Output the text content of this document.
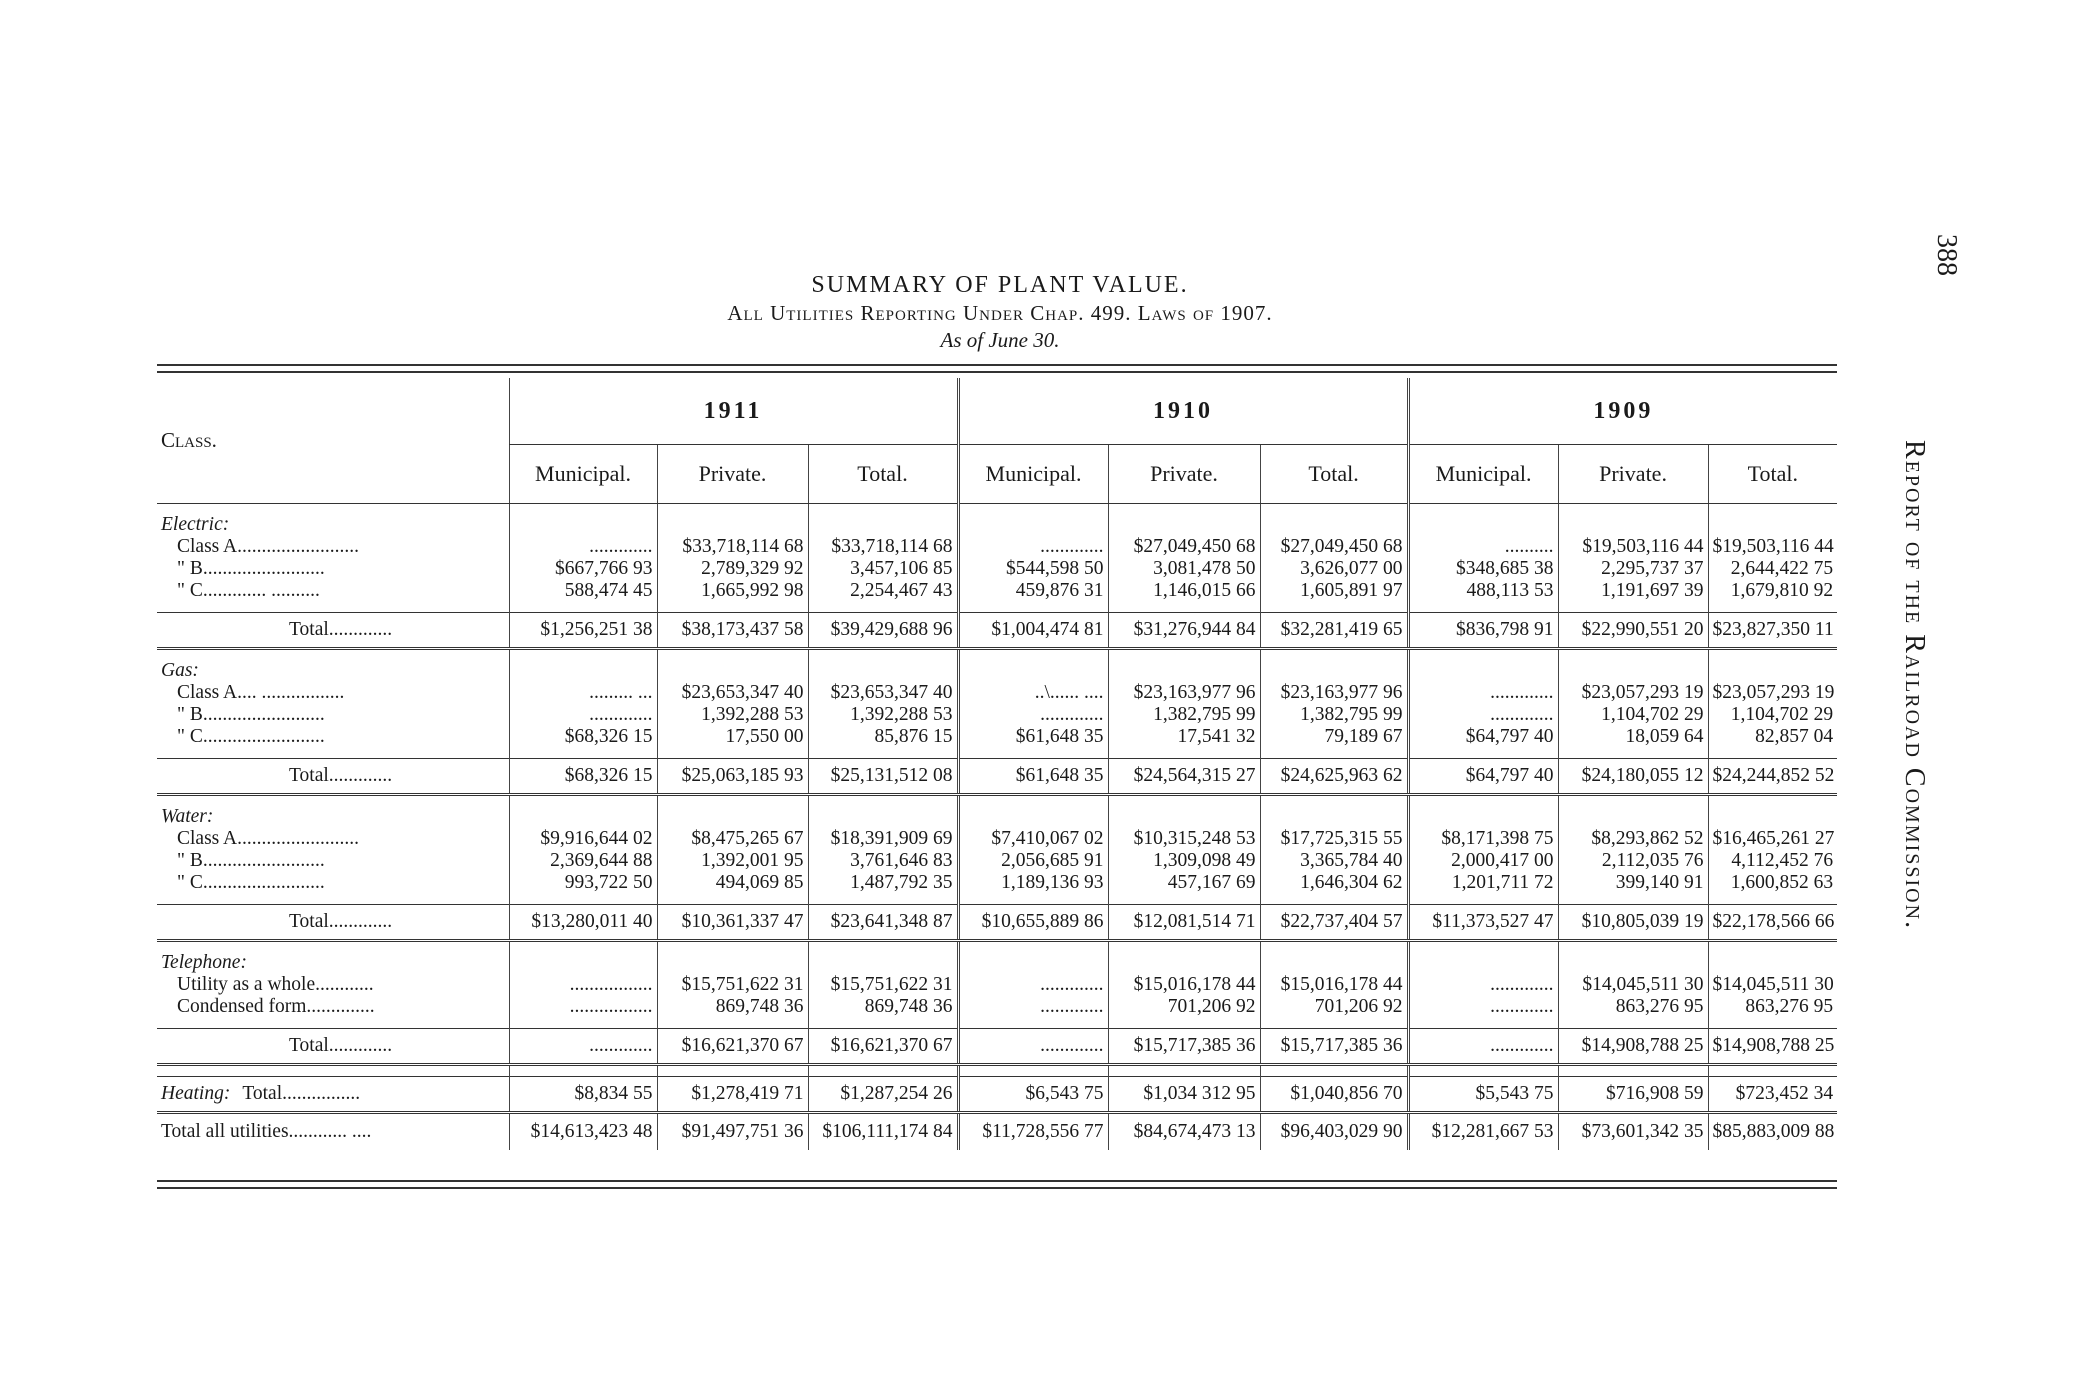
388
Report of the Railroad Commission.
SUMMARY OF PLANT VALUE.
All Utilities Reporting Under Chap. 499. Laws of 1907.
As of June 30.
Class.	1911			1910			1909		
	Municipal.	Private.	Total.	Municipal.	Private.	Total.	Municipal.	Private.	Total.

Electric:									
Class A.........................	.............	$33,718,114 68	$33,718,114 68	.............	$27,049,450 68	$27,049,450 68	..........	$19,503,116 44	$19,503,116 44
" B.........................	$667,766 93	2,789,329 92	3,457,106 85	$544,598 50	3,081,478 50	3,626,077 00	$348,685 38	2,295,737 37	2,644,422 75
" C............. ..........	588,474 45	1,665,992 98	2,254,467 43	459,876 31	1,146,015 66	1,605,891 97	488,113 53	1,191,697 39	1,679,810 92

Total.............	$1,256,251 38	$38,173,437 58	$39,429,688 96	$1,004,474 81	$31,276,944 84	$32,281,419 65	$836,798 91	$22,990,551 20	$23,827,350 11

Gas:									
Class A.... .................	......... ...	$23,653,347 40	$23,653,347 40	..\...... ....	$23,163,977 96	$23,163,977 96	.............	$23,057,293 19	$23,057,293 19
" B.........................	.............	1,392,288 53	1,392,288 53	.............	1,382,795 99	1,382,795 99	.............	1,104,702 29	1,104,702 29
" C.........................	$68,326 15	17,550 00	85,876 15	$61,648 35	17,541 32	79,189 67	$64,797 40	18,059 64	82,857 04

Total.............	$68,326 15	$25,063,185 93	$25,131,512 08	$61,648 35	$24,564,315 27	$24,625,963 62	$64,797 40	$24,180,055 12	$24,244,852 52

Water:									
Class A.........................	$9,916,644 02	$8,475,265 67	$18,391,909 69	$7,410,067 02	$10,315,248 53	$17,725,315 55	$8,171,398 75	$8,293,862 52	$16,465,261 27
" B.........................	2,369,644 88	1,392,001 95	3,761,646 83	2,056,685 91	1,309,098 49	3,365,784 40	2,000,417 00	2,112,035 76	4,112,452 76
" C.........................	993,722 50	494,069 85	1,487,792 35	1,189,136 93	457,167 69	1,646,304 62	1,201,711 72	399,140 91	1,600,852 63

Total.............	$13,280,011 40	$10,361,337 47	$23,641,348 87	$10,655,889 86	$12,081,514 71	$22,737,404 57	$11,373,527 47	$10,805,039 19	$22,178,566 66

Telephone:									
Utility as a whole............	.................	$15,751,622 31	$15,751,622 31	.............	$15,016,178 44	$15,016,178 44	.............	$14,045,511 30	$14,045,511 30
Condensed form..............	.................	869,748 36	869,748 36	.............	701,206 92	701,206 92	.............	863,276 95	863,276 95

Total.............	.............	$16,621,370 67	$16,621,370 67	.............	$15,717,385 36	$15,717,385 36	.............	$14,908,788 25	$14,908,788 25

Heating: Total................	$8,834 55	$1,278,419 71	$1,287,254 26	$6,543 75	$1,034 312 95	$1,040,856 70	$5,543 75	$716,908 59	$723,452 34
Total all utilities............ ....	$14,613,423 48	$91,497,751 36	$106,111,174 84	$11,728,556 77	$84,674,473 13	$96,403,029 90	$12,281,667 53	$73,601,342 35	$85,883,009 88
